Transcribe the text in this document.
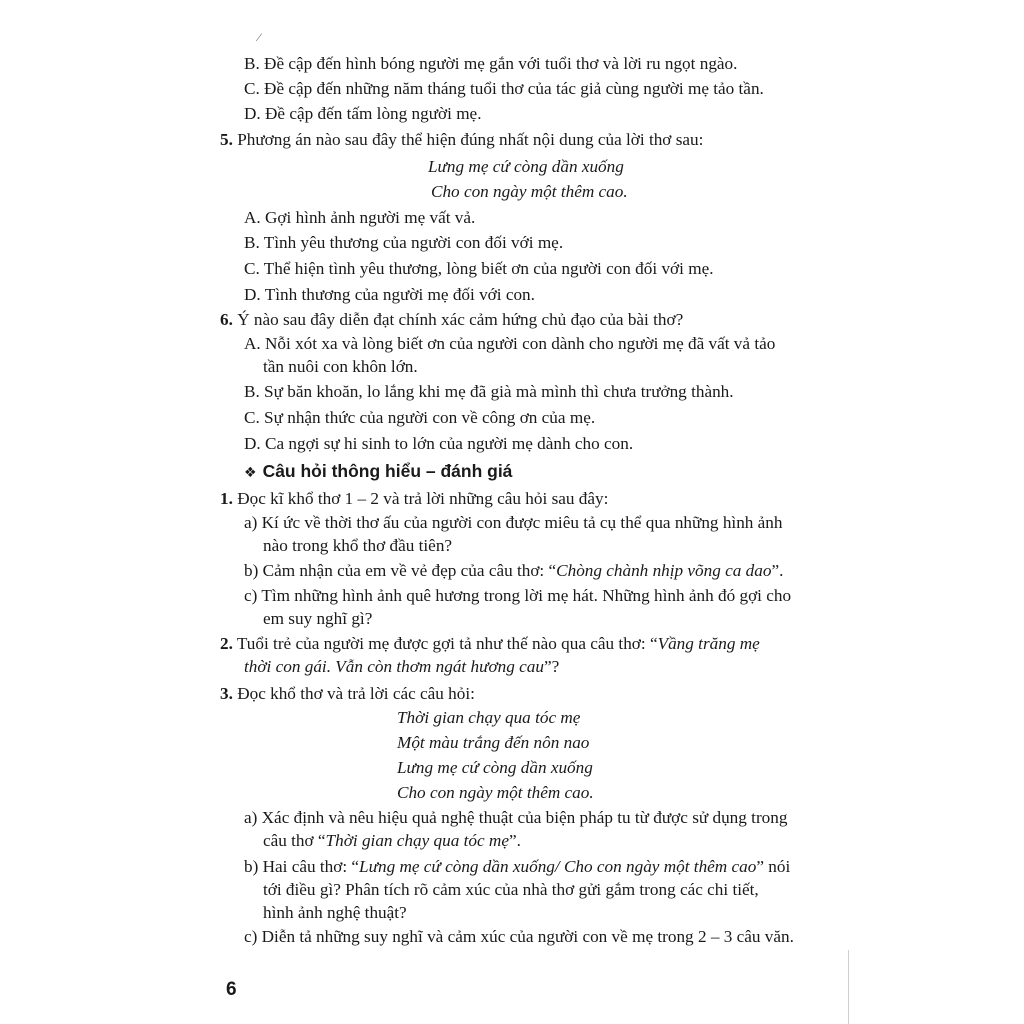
⁄
B. Đề cập đến hình bóng người mẹ gắn với tuổi thơ và lời ru ngọt ngào.
C. Đề cập đến những năm tháng tuổi thơ của tác giả cùng người mẹ tảo tần.
D. Đề cập đến tấm lòng người mẹ.
5. Phương án nào sau đây thể hiện đúng nhất nội dung của lời thơ sau:
Lưng mẹ cứ còng dần xuống
Cho con ngày một thêm cao.
A. Gợi hình ảnh người mẹ vất vả.
B. Tình yêu thương của người con đối với mẹ.
C. Thể hiện tình yêu thương, lòng biết ơn của người con đối với mẹ.
D. Tình thương của người mẹ đối với con.
6. Ý nào sau đây diễn đạt chính xác cảm hứng chủ đạo của bài thơ?
A. Nỗi xót xa và lòng biết ơn của người con dành cho người mẹ đã vất vả tảo
tần nuôi con khôn lớn.
B. Sự băn khoăn, lo lắng khi mẹ đã già mà mình thì chưa trưởng thành.
C. Sự nhận thức của người con về công ơn của mẹ.
D. Ca ngợi sự hi sinh to lớn của người mẹ dành cho con.
❖ Câu hỏi thông hiểu – đánh giá
1. Đọc kĩ khổ thơ 1 – 2 và trả lời những câu hỏi sau đây:
a) Kí ức về thời thơ ấu của người con được miêu tả cụ thể qua những hình ảnh
nào trong khổ thơ đầu tiên?
b) Cảm nhận của em về vẻ đẹp của câu thơ: “Chòng chành nhịp võng ca dao”.
c) Tìm những hình ảnh quê hương trong lời mẹ hát. Những hình ảnh đó gợi cho
em suy nghĩ gì?
2. Tuổi trẻ của người mẹ được gợi tả như thế nào qua câu thơ: “Vầng trăng mẹ
thời con gái. Vẫn còn thơm ngát hương cau”?
3. Đọc khổ thơ và trả lời các câu hỏi:
Thời gian chạy qua tóc mẹ
Một màu trắng đến nôn nao
Lưng mẹ cứ còng dần xuống
Cho con ngày một thêm cao.
a) Xác định và nêu hiệu quả nghệ thuật của biện pháp tu từ được sử dụng trong
câu thơ “Thời gian chạy qua tóc mẹ”.
b) Hai câu thơ: “Lưng mẹ cứ còng dần xuống/ Cho con ngày một thêm cao” nói
tới điều gì? Phân tích rõ cảm xúc của nhà thơ gửi gắm trong các chi tiết,
hình ảnh nghệ thuật?
c) Diễn tả những suy nghĩ và cảm xúc của người con về mẹ trong 2 – 3 câu văn.
6
